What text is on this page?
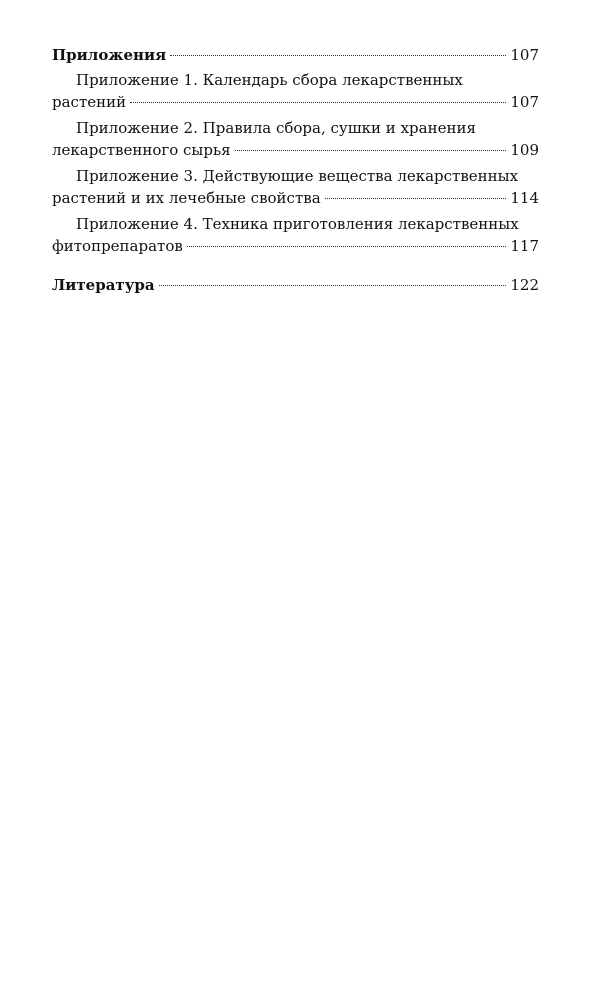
Приложения	107
Приложение 1. Календарь сбора лекарственных
растений	107
Приложение 2. Правила сбора, сушки и хранения
лекарственного сырья	109
Приложение 3. Действующие вещества лекарственных
растений и их лечебные свойства	114
Приложение 4. Техника приготовления лекарственных
фитопрепаратов	117
Литература	122
